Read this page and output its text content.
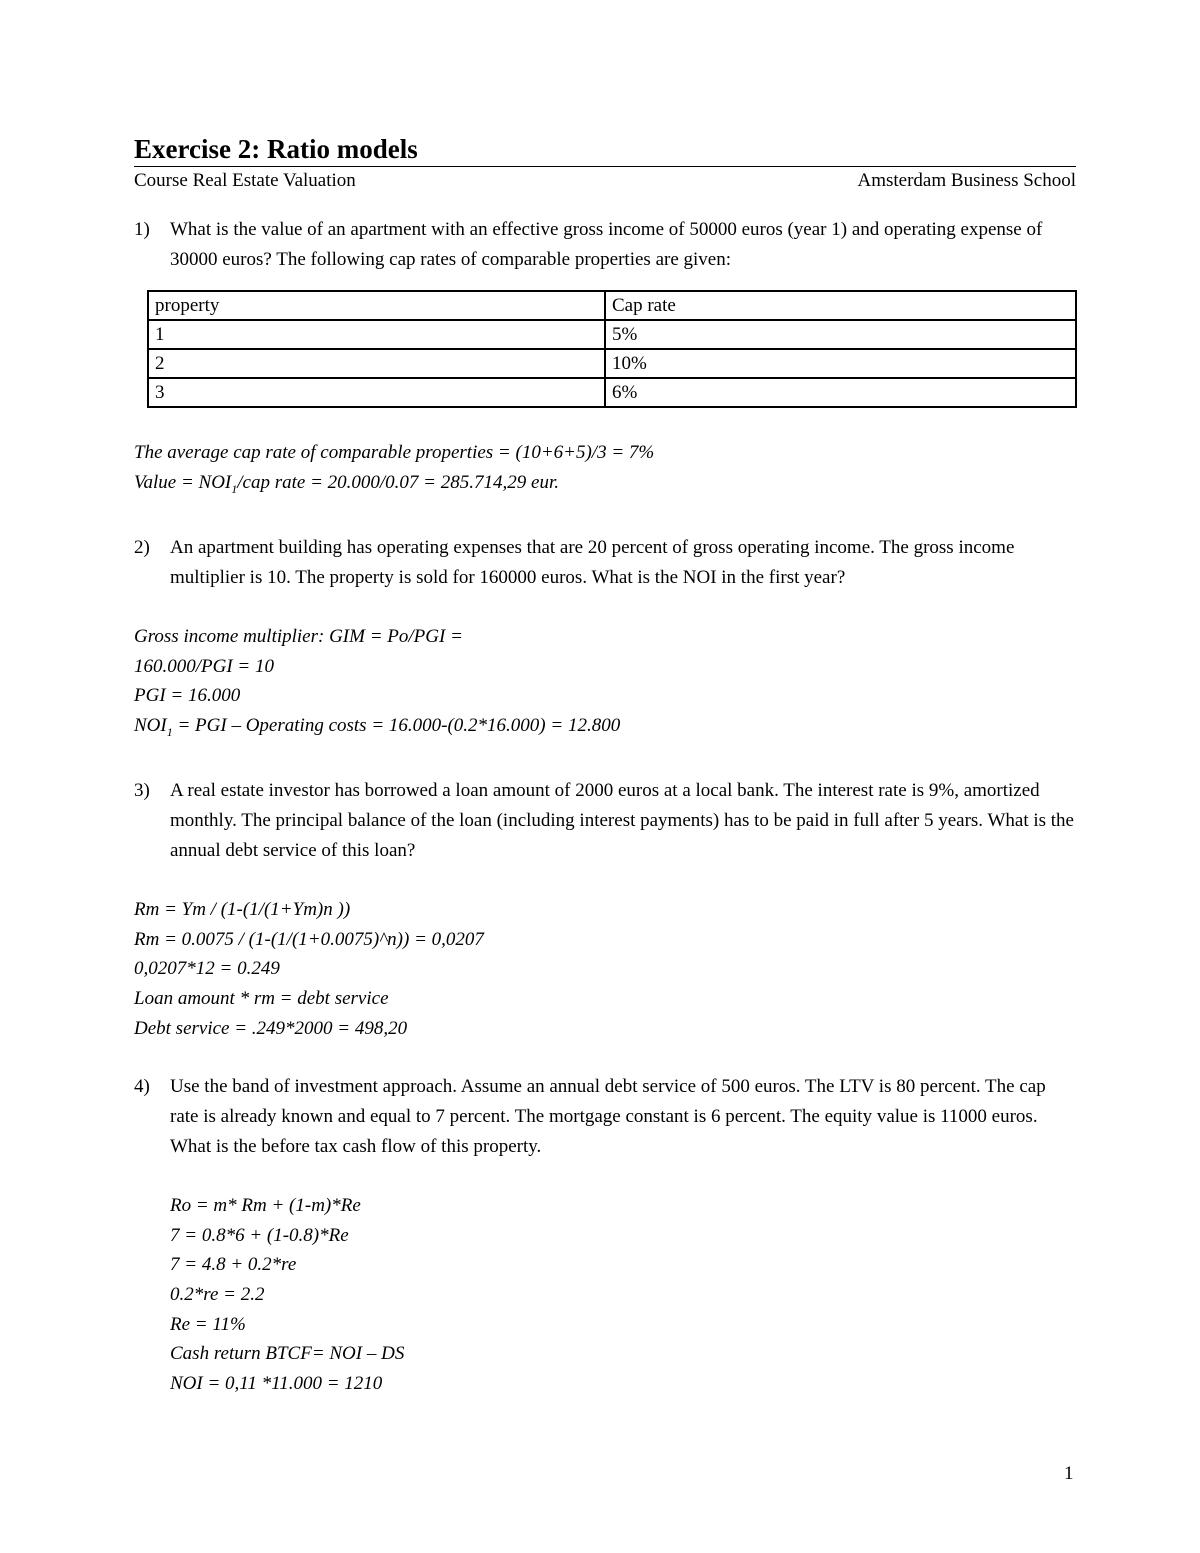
Exercise 2: Ratio models
Course Real Estate Valuation	Amsterdam Business School
1)	What is the value of an apartment with an effective gross income of 50000 euros (year 1) and operating expense of 30000 euros? The following cap rates of comparable properties are given:
property	Cap rate
1	5%
2	10%
3	6%
The average cap rate of comparable properties = (10+6+5)/3 = 7%
Value = $NOI_1$/cap rate = 20.000/0.07 = 285.714,29 eur.
2)	An apartment building has operating expenses that are 20 percent of gross operating income. The gross income multiplier is 10. The property is sold for 160000 euros. What is the NOI in the first year?
Gross income multiplier: GIM = Po/PGI =
160.000/PGI = 10
PGI = 16.000
$NOI_1$ = PGI – Operating costs = 16.000-(0.2*16.000) = 12.800
3)	A real estate investor has borrowed a loan amount of 2000 euros at a local bank. The interest rate is 9%, amortized monthly. The principal balance of the loan (including interest payments) has to be paid in full after 5 years. What is the annual debt service of this loan?
Rm = Ym / (1-(1/(1+Ym)n ))
Rm = 0.0075 / (1-(1/(1+0.0075)^n)) = 0,0207
0,0207*12 = 0.249
Loan amount * rm = debt service
Debt service = .249*2000 = 498,20
4)	Use the band of investment approach. Assume an annual debt service of 500 euros. The LTV is 80 percent. The cap rate is already known and equal to 7 percent. The mortgage constant is 6 percent. The equity value is 11000 euros. What is the before tax cash flow of this property.
Ro = m* Rm + (1-m)*Re
7 = 0.8*6 + (1-0.8)*Re
7 = 4.8 + 0.2*re
0.2*re = 2.2
Re = 11%
Cash return BTCF= NOI – DS
NOI = 0,11 *11.000 = 1210
1
